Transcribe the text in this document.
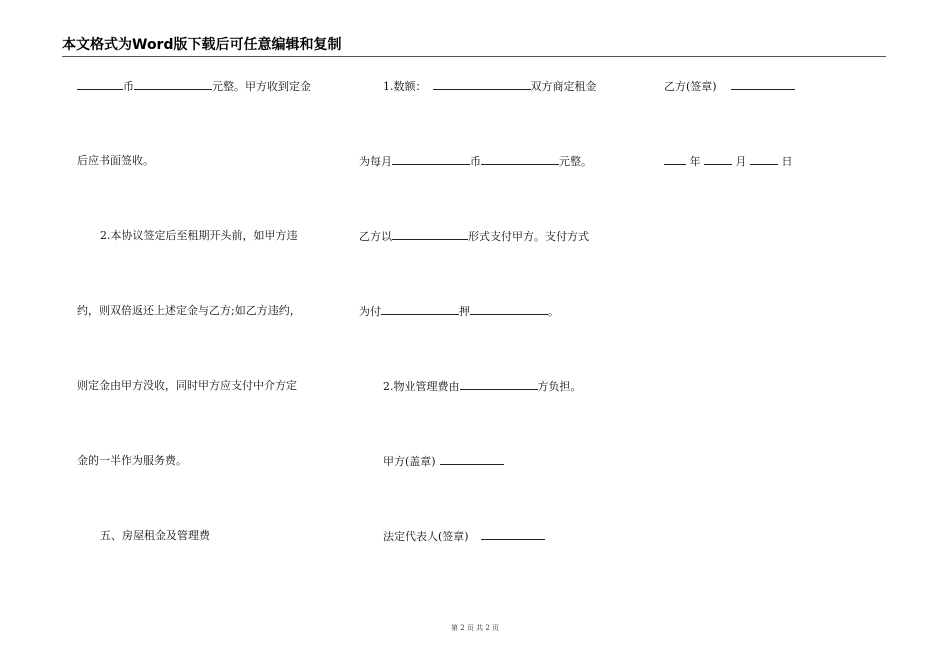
本文格式为Word版下载后可任意编辑和复制
币	元整。甲方收到定金
后应书面签收。
2.本协议签定后至租期开头前，如甲方违
约，则双倍返还上述定金与乙方;如乙方违约，
则定金由甲方没收，同时甲方应支付中介方定
金的一半作为服务费。
五、房屋租金及管理费
1.数额：	双方商定租金
为每月	币	元整。
乙方以	形式支付甲方。支付方式
为付	押	。
2.物业管理费由	方负担。
甲方(盖章)
法定代表人(签章)
乙方(签章)
年	月	日
第 2 页 共 2 页
